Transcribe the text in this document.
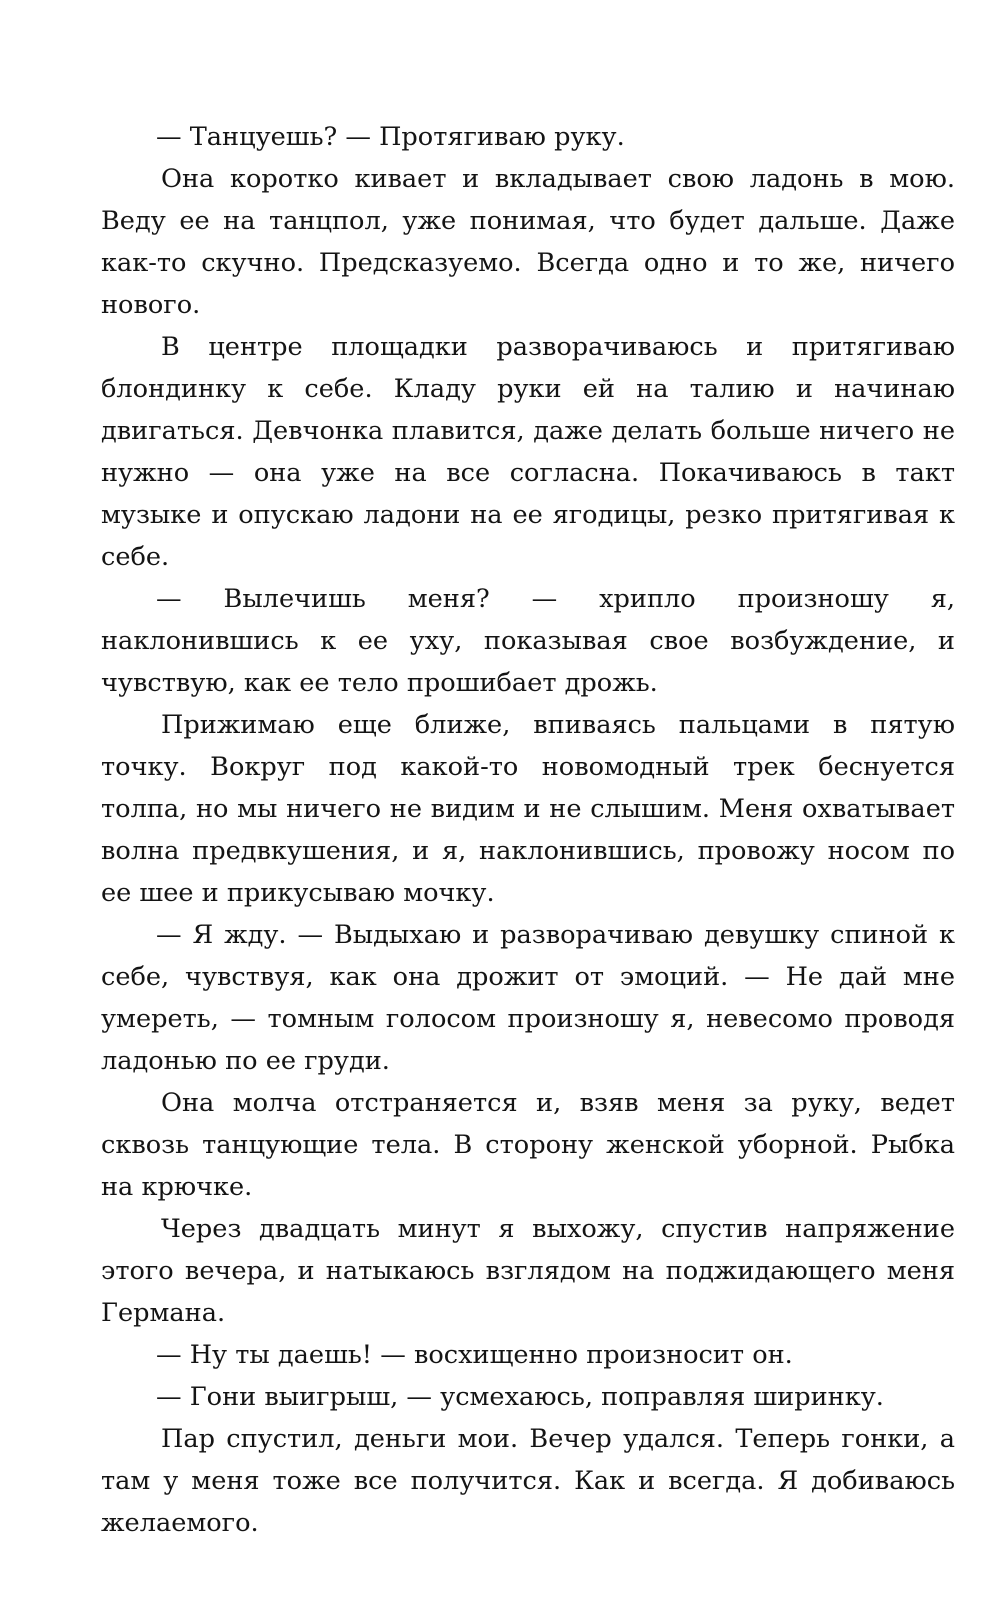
— Танцуешь? — Протягиваю руку.

Она коротко кивает и вкладывает свою ладонь в мою. Веду ее на танцпол, уже понимая, что будет дальше. Даже как-то скучно. Предсказуемо. Всегда одно и то же, ничего нового.

В центре площадки разворачиваюсь и притягиваю блондинку к себе. Кладу руки ей на талию и начинаю двигаться. Девчонка плавится, даже делать больше ничего не нужно — она уже на все согласна. Покачиваюсь в такт музыке и опускаю ладони на ее ягодицы, резко притягивая к себе.

— Вылечишь меня? — хрипло произношу я, наклонившись к ее уху, показывая свое возбуждение, и чувствую, как ее тело прошибает дрожь.

Прижимаю еще ближе, впиваясь пальцами в пятую точку. Вокруг под какой-то новомодный трек беснуется толпа, но мы ничего не видим и не слышим. Меня охватывает волна предвкушения, и я, наклонившись, провожу носом по ее шее и прикусываю мочку.

— Я жду. — Выдыхаю и разворачиваю девушку спиной к себе, чувствуя, как она дрожит от эмоций. — Не дай мне умереть, — томным голосом произношу я, невесомо проводя ладонью по ее груди.

Она молча отстраняется и, взяв меня за руку, ведет сквозь танцующие тела. В сторону женской уборной. Рыбка на крючке.

Через двадцать минут я выхожу, спустив напряжение этого вечера, и натыкаюсь взглядом на поджидающего меня Германа.

— Ну ты даешь! — восхищенно произносит он.

— Гони выигрыш, — усмехаюсь, поправляя ширинку.

Пар спустил, деньги мои. Вечер удался. Теперь гонки, а там у меня тоже все получится. Как и всегда. Я добиваюсь желаемого.
